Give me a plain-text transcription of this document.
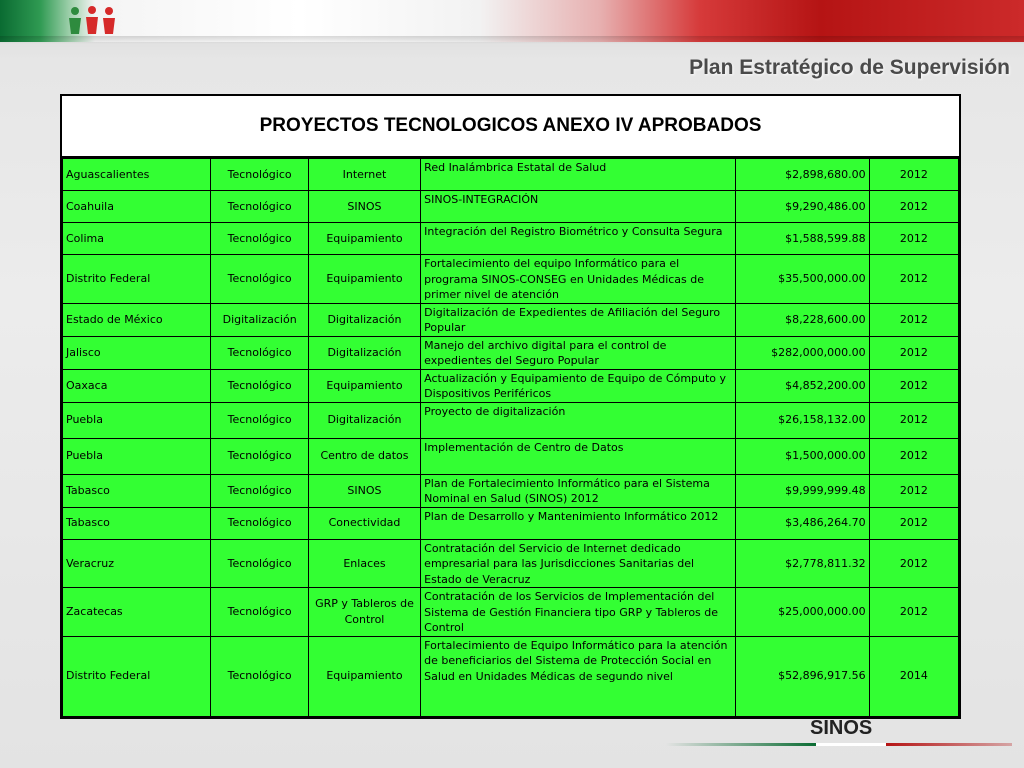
Plan Estratégico de Supervisión
PROYECTOS TECNOLOGICOS ANEXO IV APROBADOS
Aguascalientes	Tecnológico	Internet	Red Inalámbrica Estatal de Salud	$2,898,680.00	2012
Coahuila	Tecnológico	SINOS	SINOS-INTEGRACIÓN	$9,290,486.00	2012
Colima	Tecnológico	Equipamiento	Integración del Registro Biométrico y Consulta Segura	$1,588,599.88	2012
Distrito Federal	Tecnológico	Equipamiento	Fortalecimiento del equipo Informático para el programa SINOS-CONSEG en Unidades Médicas de primer nivel de atención	$35,500,000.00	2012
Estado de México	Digitalización	Digitalización	Digitalización de Expedientes de Afiliación del Seguro Popular	$8,228,600.00	2012
Jalisco	Tecnológico	Digitalización	Manejo del archivo digital para el control de expedientes del Seguro Popular	$282,000,000.00	2012
Oaxaca	Tecnológico	Equipamiento	Actualización y Equipamiento de Equipo de Cómputo y Dispositivos Periféricos	$4,852,200.00	2012
Puebla	Tecnológico	Digitalización	Proyecto de digitalización	$26,158,132.00	2012
Puebla	Tecnológico	Centro de datos	Implementación de Centro de Datos	$1,500,000.00	2012
Tabasco	Tecnológico	SINOS	Plan de Fortalecimiento Informático para el Sistema Nominal en Salud (SINOS) 2012	$9,999,999.48	2012
Tabasco	Tecnológico	Conectividad	Plan de Desarrollo y Mantenimiento Informático 2012	$3,486,264.70	2012
Veracruz	Tecnológico	Enlaces	Contratación del Servicio de Internet dedicado empresarial para las Jurisdicciones Sanitarias del Estado de Veracruz	$2,778,811.32	2012
Zacatecas	Tecnológico	GRP y Tableros de Control	Contratación de los Servicios de Implementación del Sistema de Gestión Financiera tipo GRP y Tableros de Control	$25,000,000.00	2012
Distrito Federal	Tecnológico	Equipamiento	Fortalecimiento de Equipo Informático para la atención de beneficiarios del Sistema de Protección Social en Salud en Unidades Médicas de segundo nivel	$52,896,917.56	2014
SINOS
